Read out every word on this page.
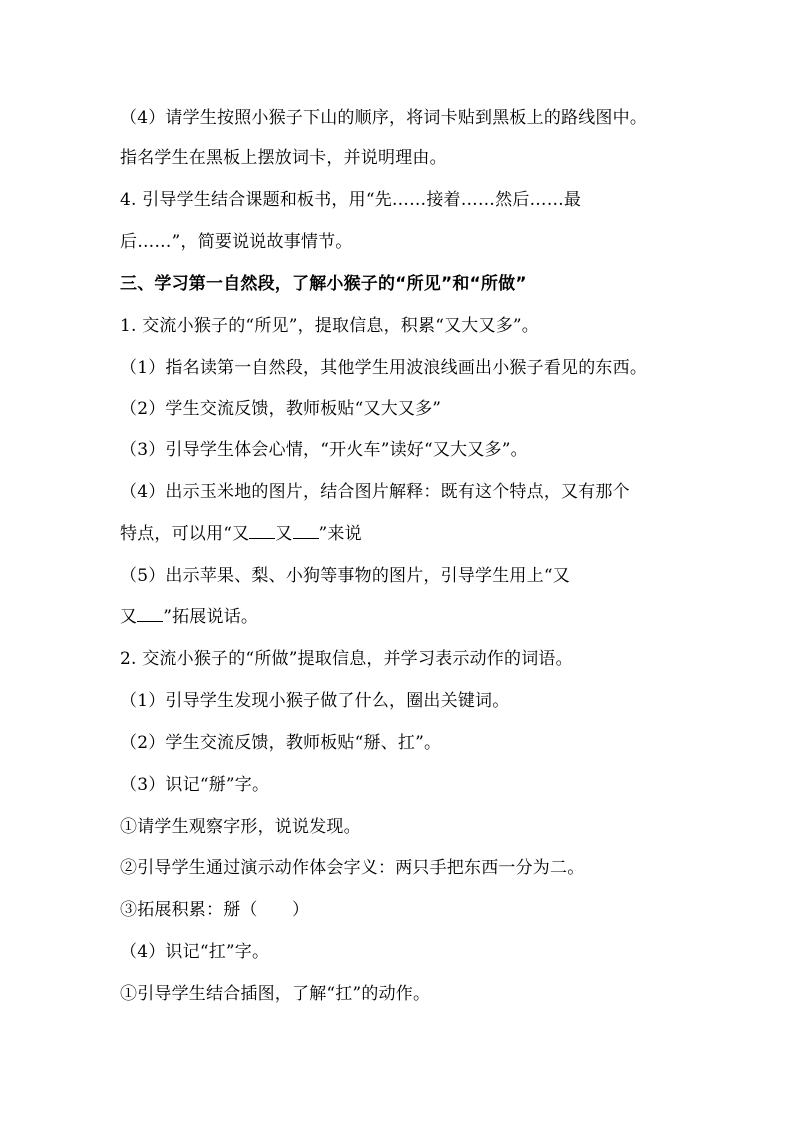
（4）请学生按照小猴子下山的顺序，将词卡贴到黑板上的路线图中。
指名学生在黑板上摆放词卡，并说明理由。
4. 引导学生结合课题和板书，用“先……接着……然后……最
后……”，简要说说故事情节。
三、学习第一自然段，了解小猴子的“所见”和“所做”
1. 交流小猴子的“所见”，提取信息，积累“又大又多”。
（1）指名读第一自然段，其他学生用波浪线画出小猴子看见的东西。
（2）学生交流反馈，教师板贴“又大又多”
（3）引导学生体会心情，“开火车”读好“又大又多”。
（4）出示玉米地的图片，结合图片解释：既有这个特点，又有那个
特点，可以用“又 又 ”来说
（5）出示苹果、梨、小狗等事物的图片，引导学生用上“又
又 ”拓展说话。
2. 交流小猴子的“所做”提取信息，并学习表示动作的词语。
（1）引导学生发现小猴子做了什么，圈出关键词。
（2）学生交流反馈，教师板贴“掰、扛”。
（3）识记“掰”字。
①请学生观察字形，说说发现。
②引导学生通过演示动作体会字义：两只手把东西一分为二。
③拓展积累：掰（　　）
（4）识记“扛”字。
①引导学生结合插图，了解“扛”的动作。
